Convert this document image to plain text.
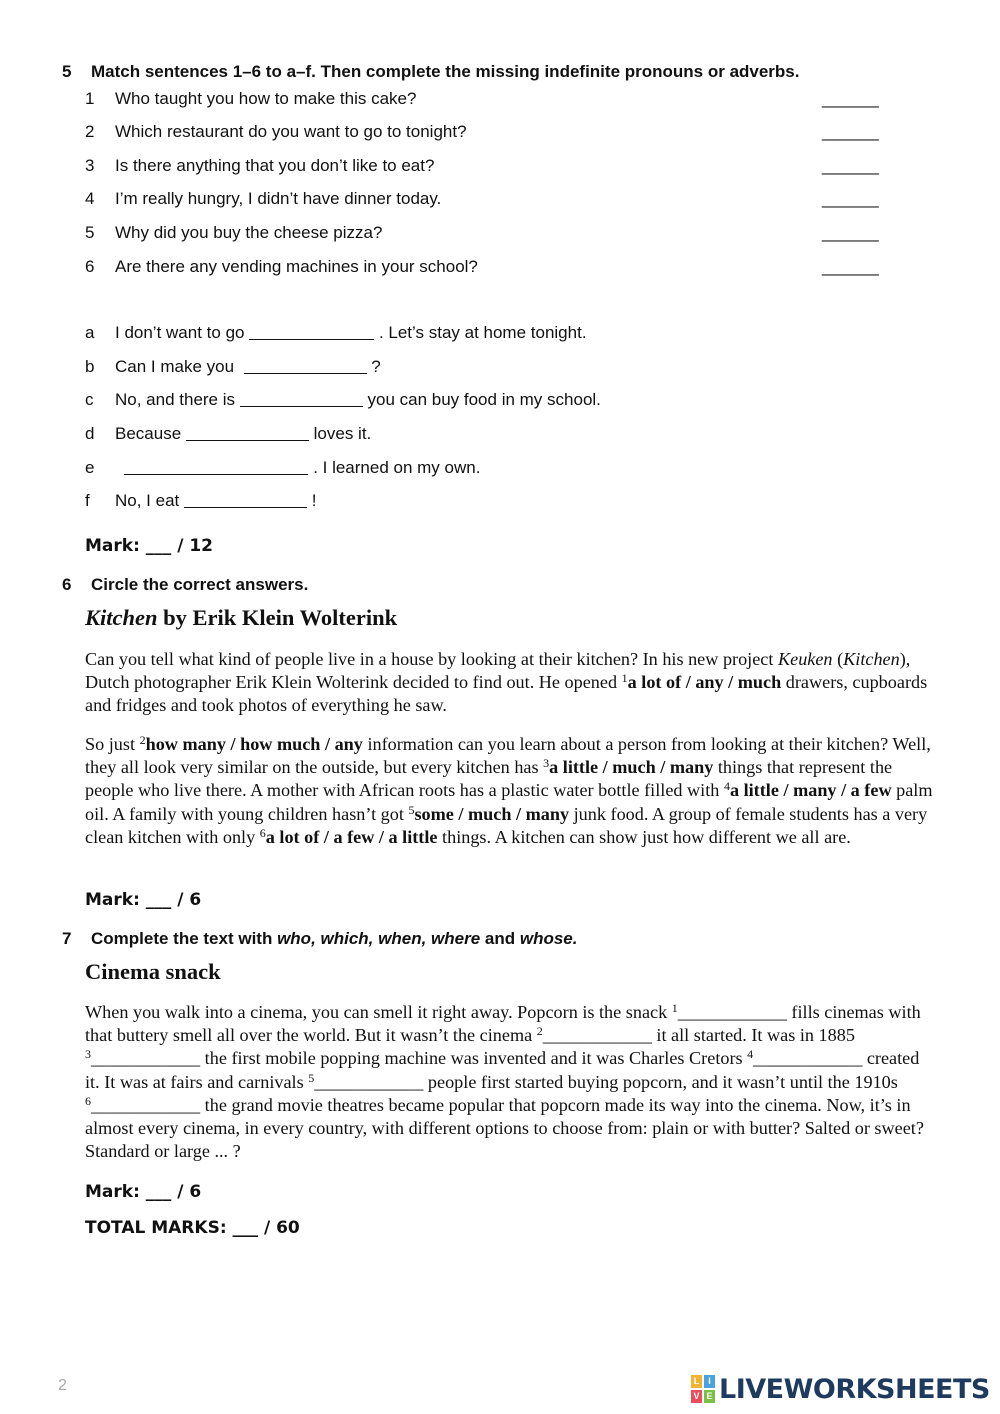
5 Match sentences 1–6 to a–f. Then complete the missing indefinite pronouns or adverbs.
1 Who taught you how to make this cake?	______
2 Which restaurant do you want to go to tonight?	______
3 Is there anything that you don’t like to eat?	______
4 I’m really hungry, I didn’t have dinner today.	______
5 Why did you buy the cheese pizza?	______
6 Are there any vending machines in your school?	______
a I don’t want to go	. Let’s stay at home tonight.
b Can I make you	?
c No, and there is	you can buy food in my school.
d Because	loves it.
e	. I learned on my own.
f No, I eat	!
Mark: ___ / 12
6 Circle the correct answers.
Kitchen by Erik Klein Wolterink
Can you tell what kind of people live in a house by looking at their kitchen? In his new project Keuken (Kitchen), Dutch photographer Erik Klein Wolterink decided to find out. He opened $^1$a lot of / any / much drawers, cupboards and fridges and took photos of everything he saw.
So just $^2$how many / how much / any information can you learn about a person from looking at their kitchen? Well, they all look very similar on the outside, but every kitchen has $^3$a little / much / many things that represent the people who live there. A mother with African roots has a plastic water bottle filled with $^4$a little / many / a few palm oil. A family with young children hasn’t got $^5$some / much / many junk food. A group of female students has a very clean kitchen with only $^6$a lot of / a few / a little things. A kitchen can show just how different we all are.
Mark: ___ / 6
7 Complete the text with who, which, when, where and whose.
Cinema snack
When you walk into a cinema, you can smell it right away. Popcorn is the snack $^1$____________ fills cinemas with that buttery smell all over the world. But it wasn’t the cinema $^2$____________ it all started. It was in 1885 $^3$____________ the first mobile popping machine was invented and it was Charles Cretors $^4$____________ created it. It was at fairs and carnivals $^5$____________ people first started buying popcorn, and it wasn’t until the 1910s $^6$____________ the grand movie theatres became popular that popcorn made its way into the cinema. Now, it’s in almost every cinema, in every country, with different options to choose from: plain or with butter? Salted or sweet? Standard or large ... ?
Mark: ___ / 6
TOTAL MARKS: ___ / 60
2	L I
V E LIVEWORKSHEETS
